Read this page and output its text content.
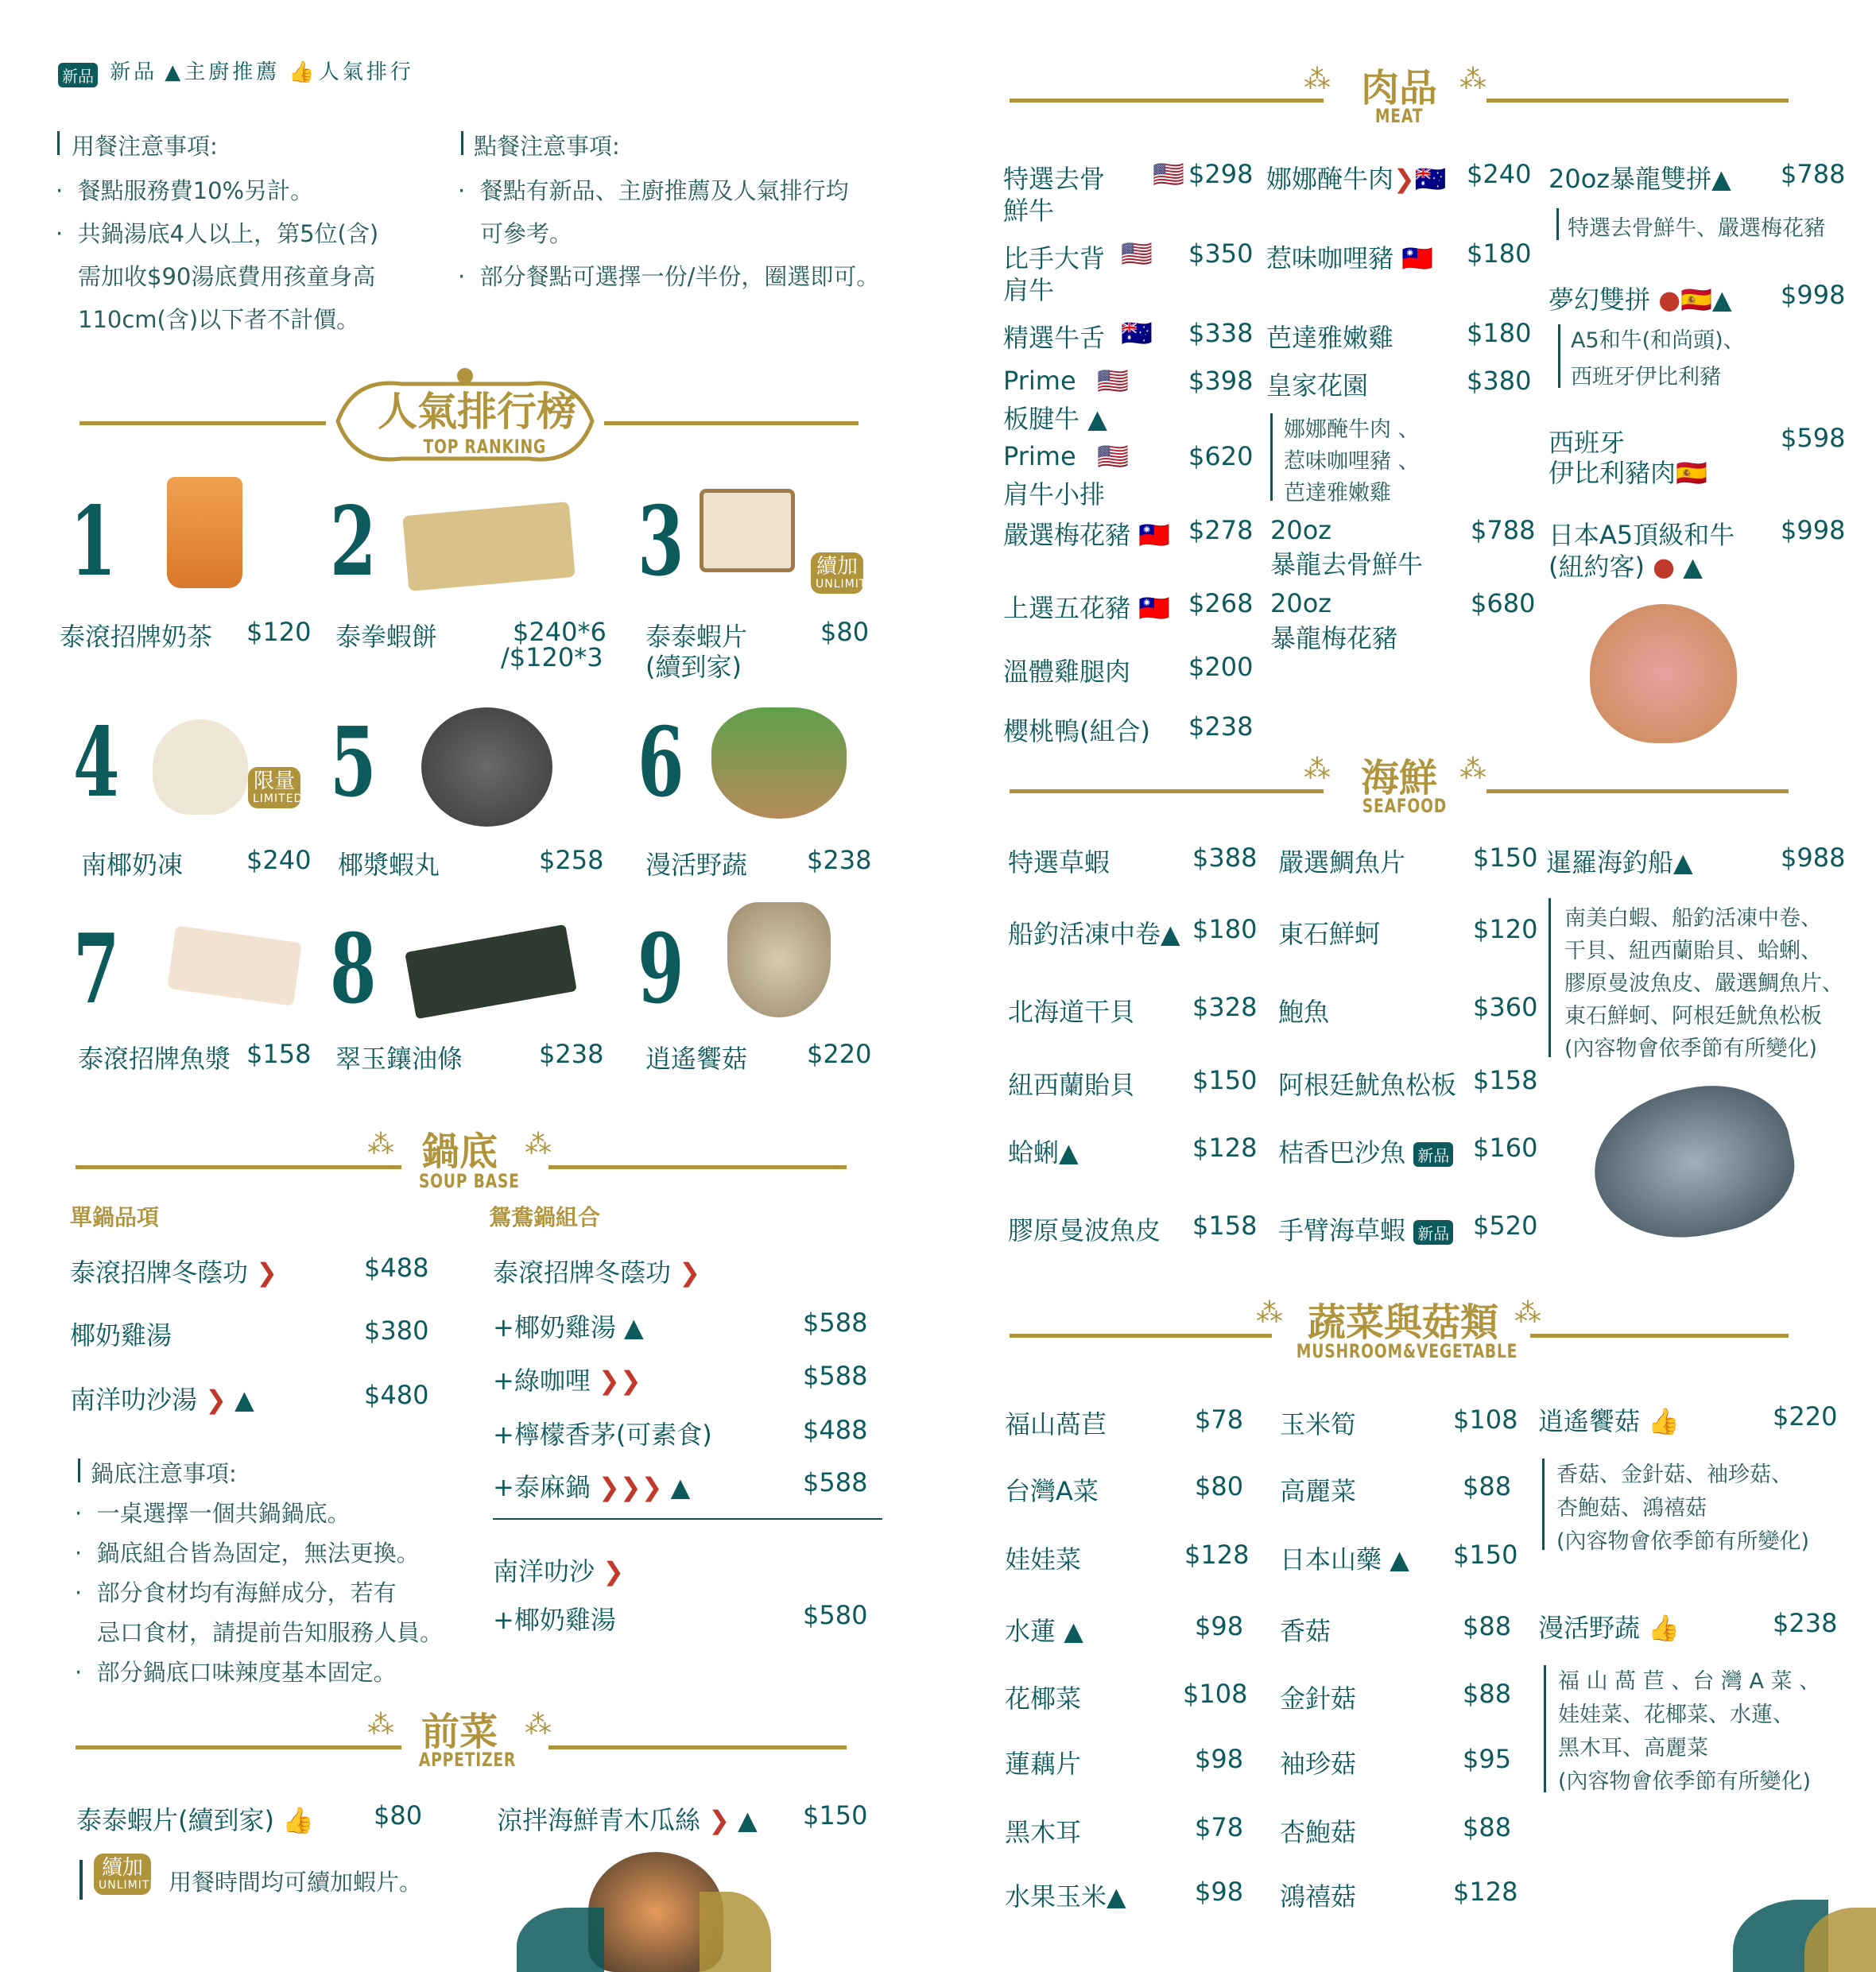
新品 新品 ▲ 主廚推薦 👍 人氣排行
用餐注意事項:
·  餐點服務費10%另計。
·  共鍋湯底4人以上，第5位(含)
需加收$90湯底費用孩童身高
110cm(含)以下者不計價。
點餐注意事項:
·  餐點有新品、主廚推薦及人氣排行均
可參考。
·  部分餐點可選擇一份/半份，圈選即可。
人氣排行榜
TOP RANKING
1
泰滾招牌奶茶 $120
2
泰拳蝦餅	$240*6
/$120*3
3	續加
UNLIMITED
泰泰蝦片
(續到家)
$80
4	限量
LIMITED
南椰奶凍 $240
5
椰漿蝦丸	$258
6
漫活野蔬 $238
7
泰滾招牌魚漿 $158
8
翠玉鑲油條	$238
9
逍遙饗菇 $220
⁂	⁂
鍋底
SOUP BASE
單鍋品項	鴛鴦鍋組合
泰滾招牌冬蔭功 ❯	$488
椰奶雞湯	$380
南洋叻沙湯 ❯ ▲	$480
泰滾招牌冬蔭功 ❯
+椰奶雞湯 ▲	$588
+綠咖哩 ❯❯	$588
+檸檬香茅(可素食)	$488
+泰麻鍋 ❯❯❯ ▲	$588
南洋叻沙 ❯
+椰奶雞湯	$580
鍋底注意事項:
·  一桌選擇一個共鍋鍋底。
·  鍋底組合皆為固定，無法更換。
·  部分食材均有海鮮成分，若有
忌口食材，請提前告知服務人員。
·  部分鍋底口味辣度基本固定。
⁂	⁂
前菜
APPETIZER
泰泰蝦片(續到家) 👍 $80	涼拌海鮮青木瓜絲 ❯ ▲ $150
續加
UNLIMITED 用餐時間均可續加蝦片。
⁂	⁂
肉品
MEAT
特選去骨
鮮牛
🇺🇸 $298
比手大背
肩牛
🇺🇸 $350
精選牛舌 🇦🇺 $338
Prime 🇺🇸
板腱牛 ▲
$398
Prime 🇺🇸
肩牛小排
$620
嚴選梅花豬 🇹🇼 $278
上選五花豬 🇹🇼 $268
溫體雞腿肉 $200
櫻桃鴨(組合) $238
娜娜醃牛肉❯🇦🇺 $240
惹味咖哩豬 🇹🇼 $180
芭達雅嫩雞	$180
皇家花園	$380
娜娜醃牛肉 、
惹味咖哩豬 、
芭達雅嫩雞
20oz
暴龍去骨鮮牛
$788
20oz
暴龍梅花豬
$680
20oz暴龍雙拼▲ $788
特選去骨鮮牛、嚴選梅花豬
夢幻雙拼 ●🇪🇸▲ $998
A5和牛(和尚頭)、
西班牙伊比利豬
西班牙
伊比利豬肉🇪🇸
$598
日本A5頂級和牛
(紐約客) ● ▲
$998
⁂	⁂
海鮮
SEAFOOD
特選草蝦	$388
船釣活凍中卷▲ $180
北海道干貝 $328
紐西蘭貽貝 $150
蛤蜊▲	$128
膠原曼波魚皮 $158
嚴選鯛魚片	$150
東石鮮蚵	$120
鮑魚	$360
阿根廷魷魚松板 $158
桔香巴沙魚 新品 $160
手臂海草蝦 新品 $520
暹羅海釣船▲	$988
南美白蝦、船釣活凍中卷、
干貝、紐西蘭貽貝、蛤蜊、
膠原曼波魚皮、嚴選鯛魚片、
東石鮮蚵、阿根廷魷魚松板
(內容物會依季節有所變化)
⁂	⁂
蔬菜與菇類
MUSHROOM&VEGETABLE
福山萵苣	$78
台灣A菜	$80
娃娃菜	$128
水蓮 ▲	$98
花椰菜	$108
蓮藕片	$98
黑木耳	$78
水果玉米▲	$98
玉米筍	$108
高麗菜	$88
日本山藥 ▲ $150
香菇	$88
金針菇	$88
袖珍菇	$95
杏鮑菇	$88
鴻禧菇	$128
逍遙饗菇 👍	$220
香菇、金針菇、袖珍菇、
杏鮑菇、鴻禧菇
(內容物會依季節有所變化)
漫活野蔬 👍	$238
福 山 萵 苣 、台 灣 A 菜 、
娃娃菜、花椰菜、水蓮、
黑木耳、高麗菜
(內容物會依季節有所變化)
